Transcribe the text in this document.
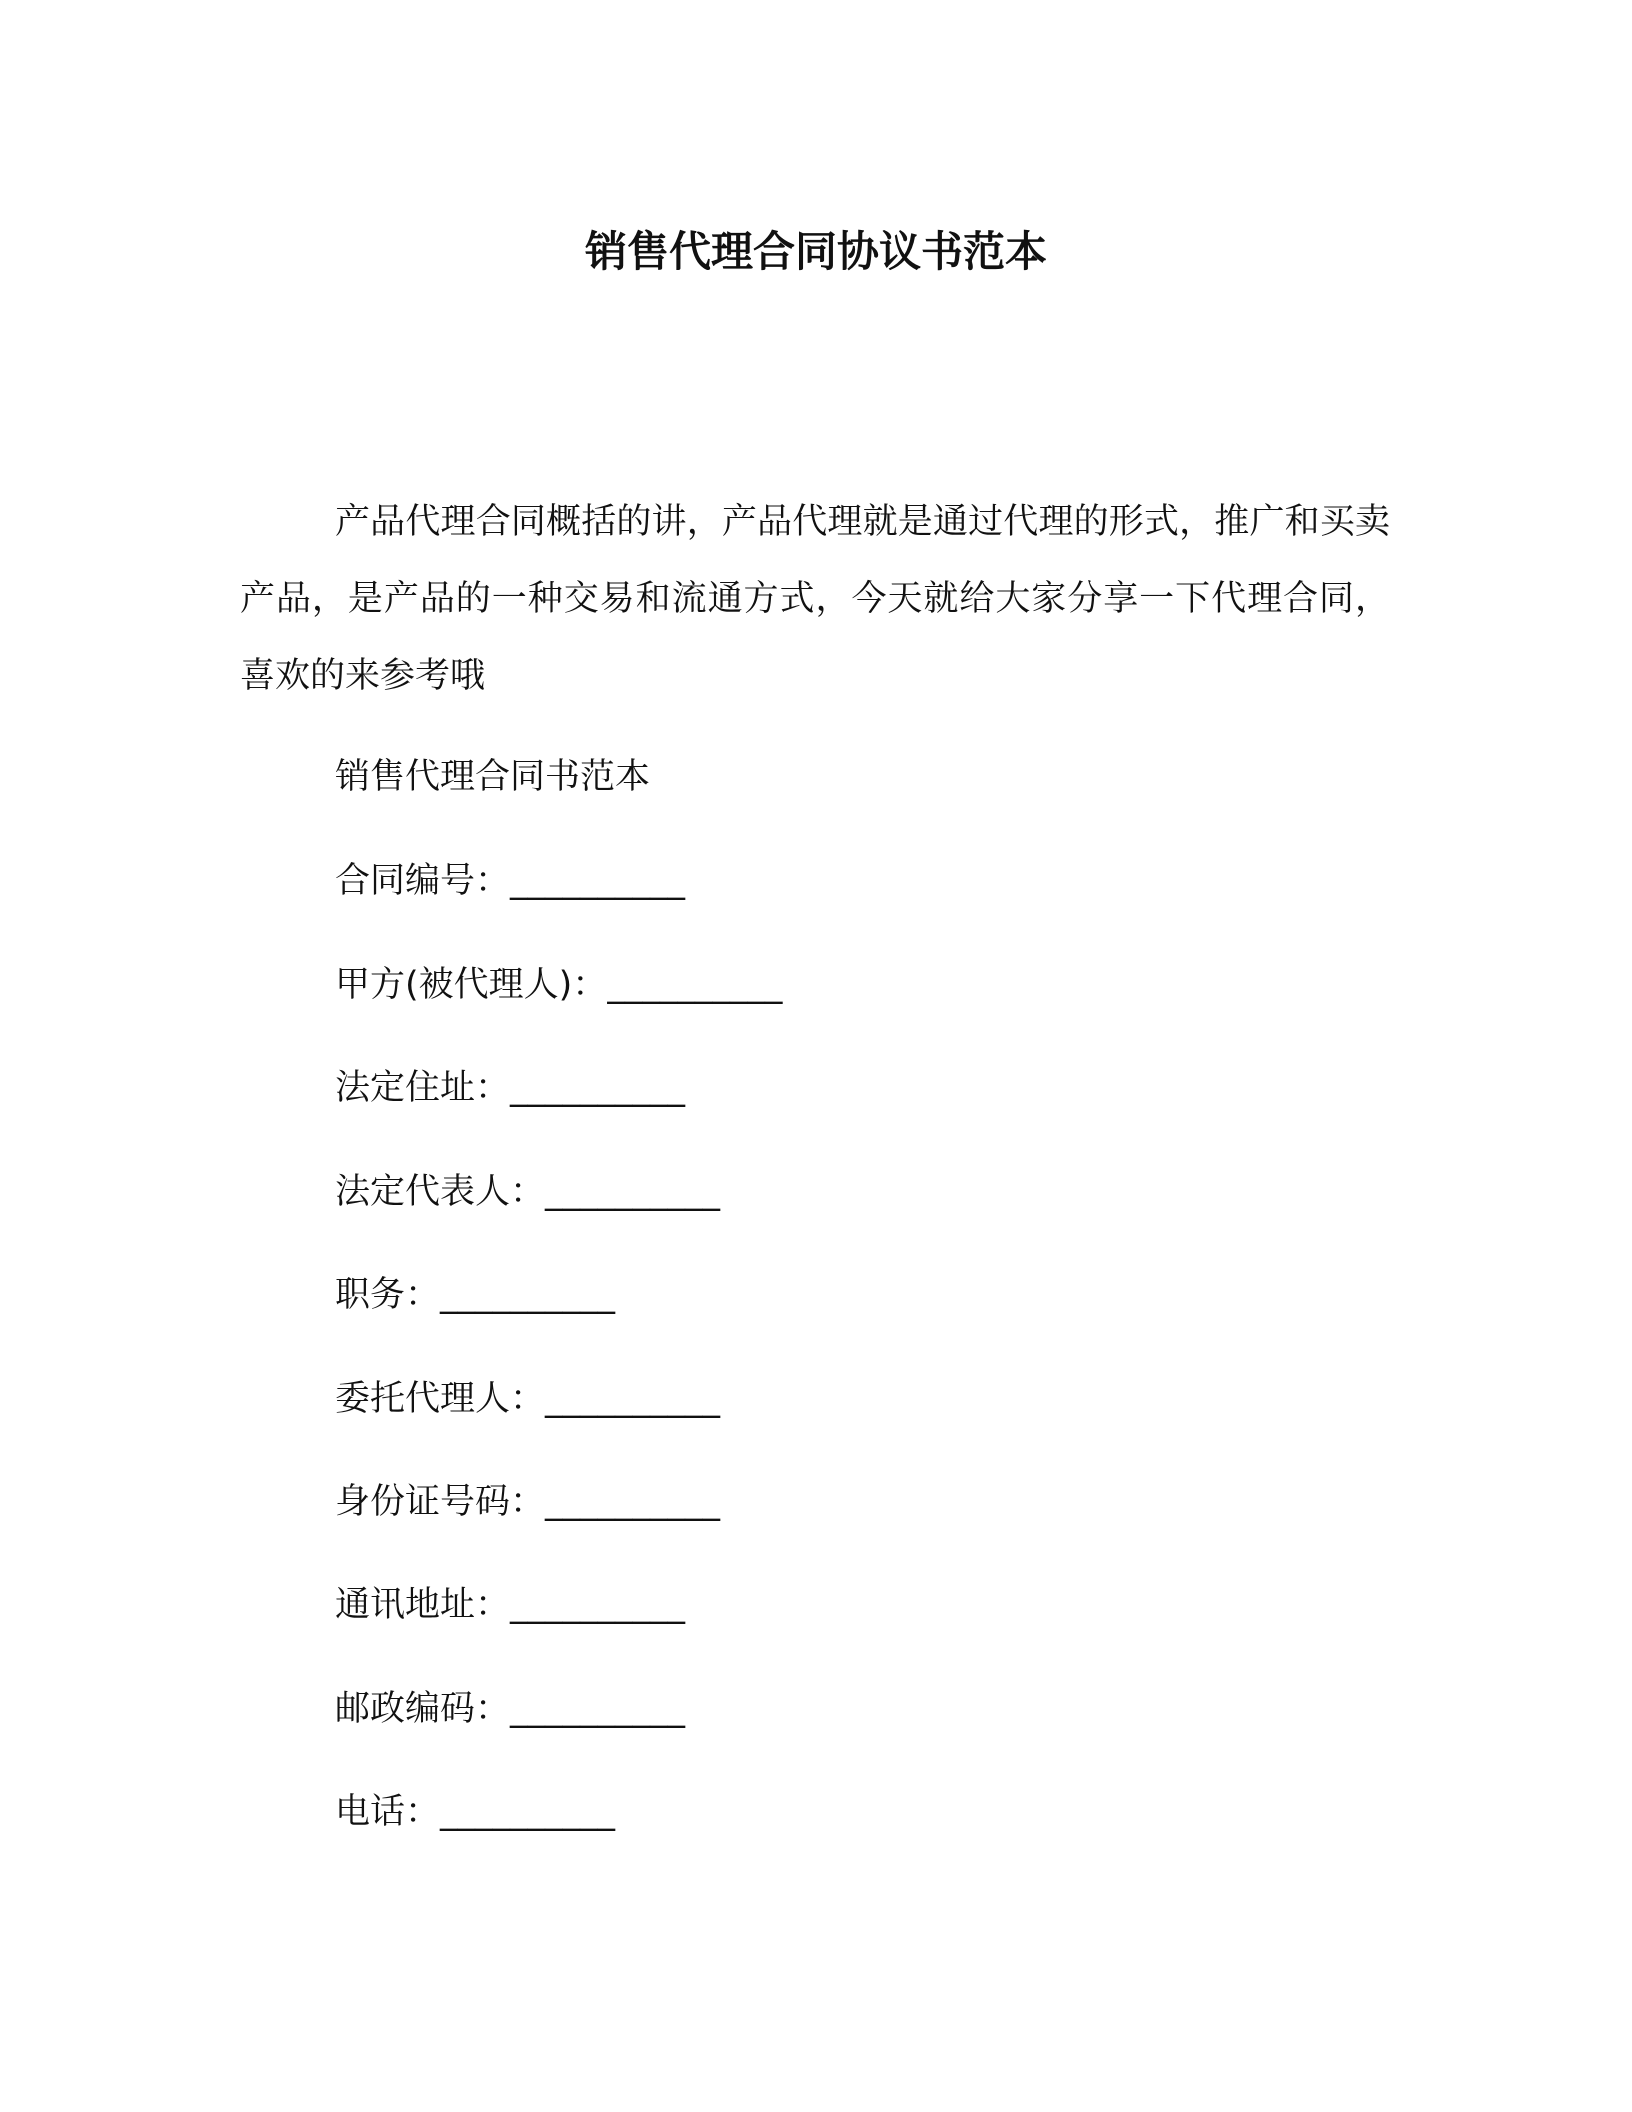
销售代理合同协议书范本

产品代理合同概括的讲，产品代理就是通过代理的形式，推广和买卖产品，是产品的一种交易和流通方式，今天就给大家分享一下代理合同，喜欢的来参考哦

销售代理合同书范本

合同编号：__________
甲方(被代理人)：__________
法定住址：__________
法定代表人：__________
职务：__________
委托代理人：__________
身份证号码：__________
通讯地址：__________
邮政编码：__________
电话：__________
